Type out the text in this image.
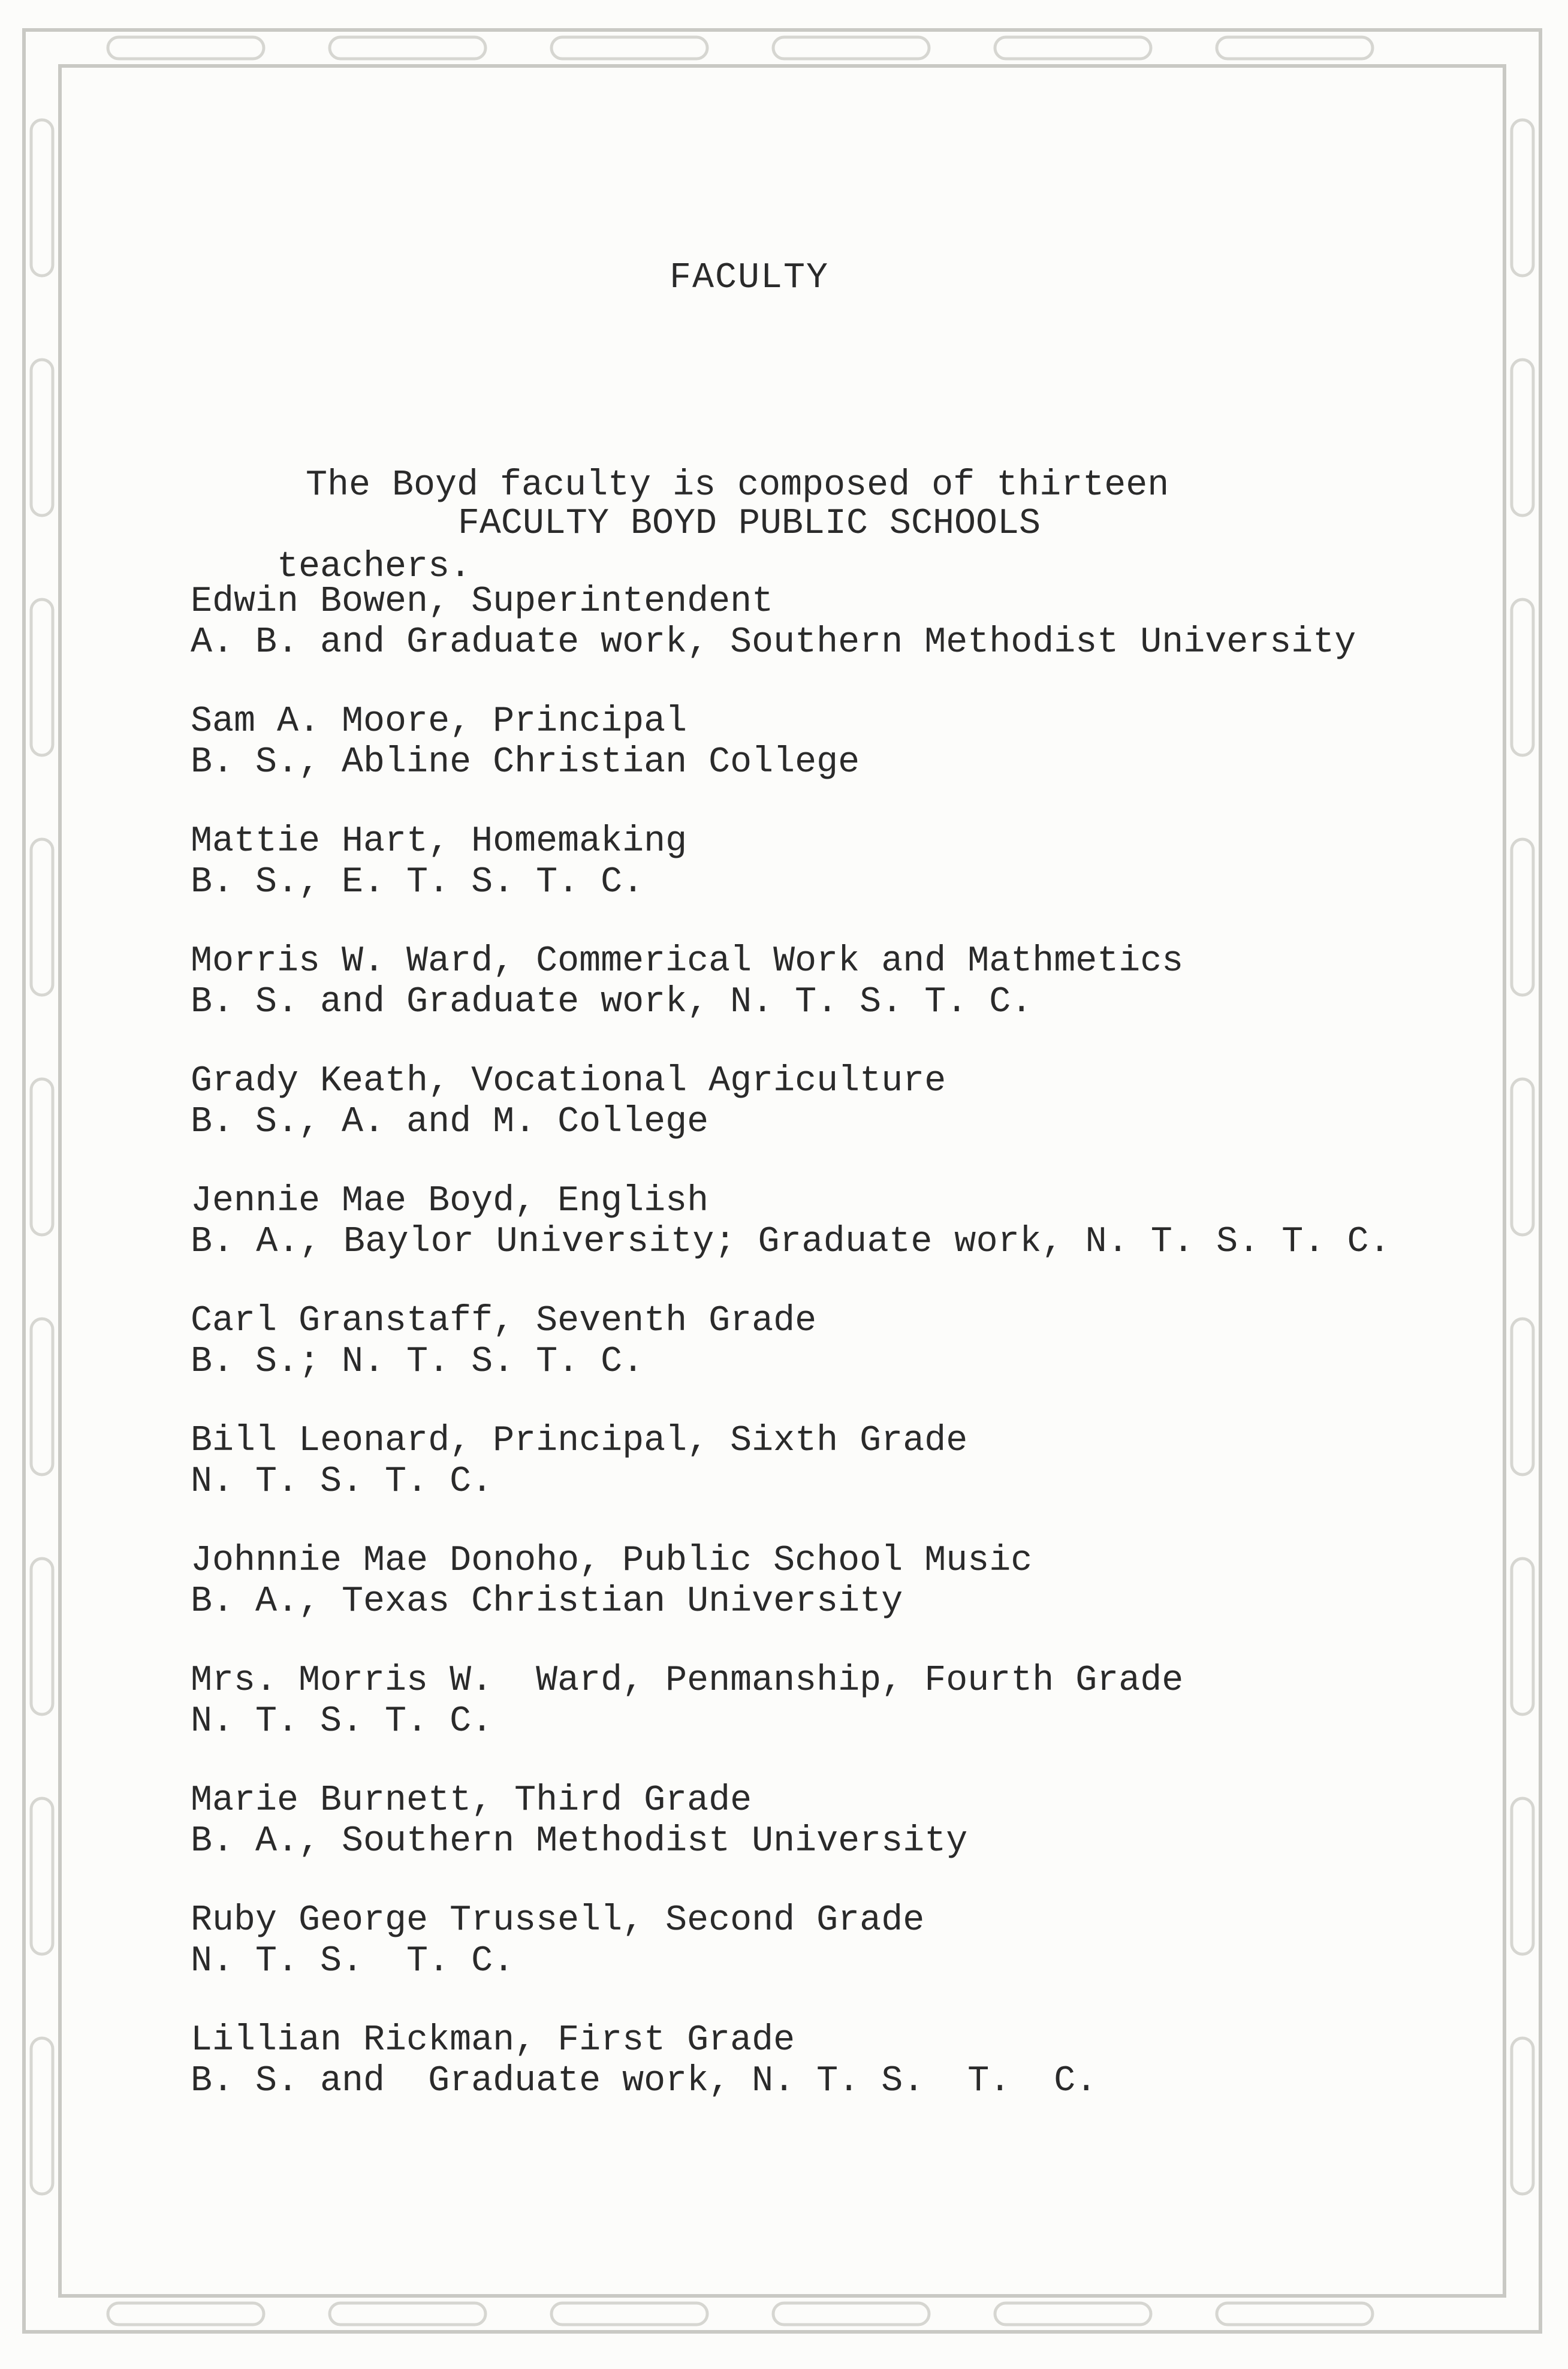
FACULTY

The Boyd faculty is composed of thirteen

teachers.

FACULTY BOYD PUBLIC SCHOOLS
Edwin Bowen, Superintendent
A. B. and Graduate work, Southern Methodist University
Sam A. Moore, Principal
B. S., Abline Christian College
Mattie Hart, Homemaking
B. S., E. T. S. T. C.
Morris W. Ward, Commerical Work and Mathmetics
B. S. and Graduate work, N. T. S. T. C.
Grady Keath, Vocational Agriculture
B. S., A. and M. College
Jennie Mae Boyd, English
B. A., Baylor University; Graduate work, N. T. S. T. C.
Carl Granstaff, Seventh Grade
B. S.; N. T. S. T. C.
Bill Leonard, Principal, Sixth Grade
N. T. S. T. C.
Johnnie Mae Donoho, Public School Music
B. A., Texas Christian University
Mrs. Morris W.  Ward, Penmanship, Fourth Grade
N. T. S. T. C.
Marie Burnett, Third Grade
B. A., Southern Methodist University
Ruby George Trussell, Second Grade
N. T. S.  T. C.
Lillian Rickman, First Grade
B. S. and  Graduate work, N. T. S.  T.  C.
